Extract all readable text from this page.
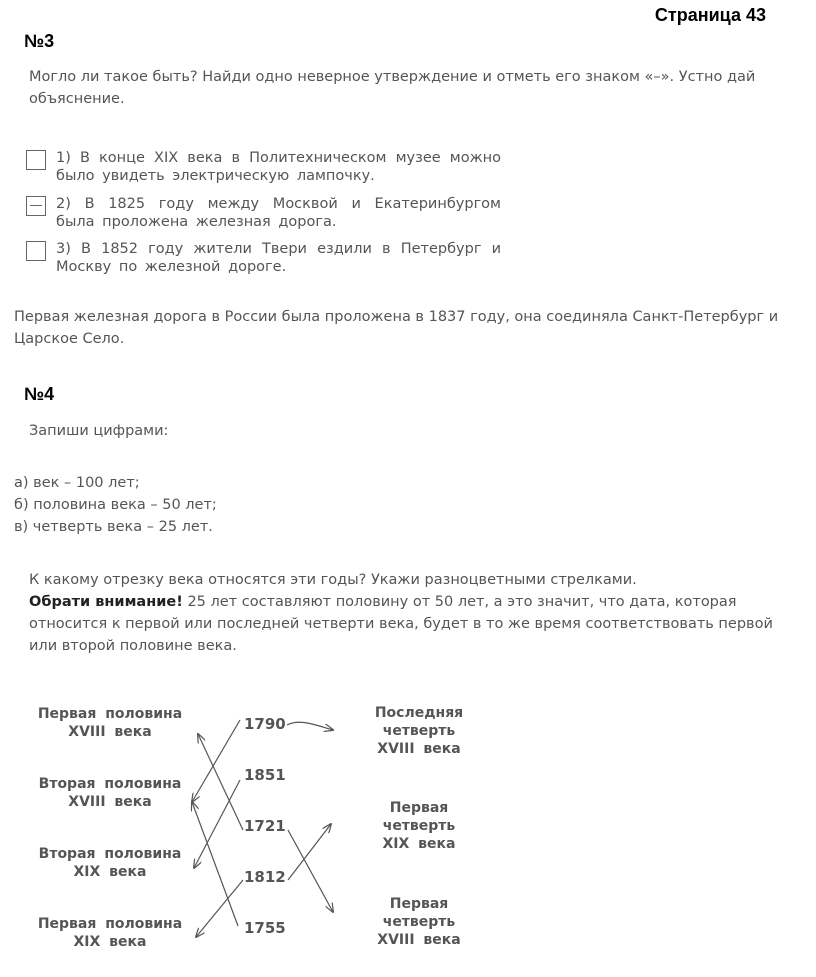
Страница 43
№3
Могло ли такое быть? Найди одно неверное утверждение и отметь его знаком «–». Устно дай объяснение.
1) В конце XIX века в Политехническом музее можно было увидеть электрическую лампочку.
2) В 1825 году между Москвой и Екатеринбургом была проложена железная дорога.
3) В 1852 году жители Твери ездили в Петербург и Москву по железной дороге.
Первая железная дорога в России была проложена в 1837 году, она соединяла Санкт-Петербург и Царское Село.
№4
Запиши цифрами:
а) век – 100 лет;
б) половина века – 50 лет;
в) четверть века – 25 лет.
К какому отрезку века относятся эти годы? Укажи разноцветными стрелками.
Обрати внимание! 25 лет составляют половину от 50 лет, а это значит, что дата, которая относится к первой или последней четверти века, будет в то же время соответствовать первой или второй половине века.
Первая половина
XVIII века
Вторая половина
XVIII века
Вторая половина
XIX века
Первая половина
XIX века
1790
1851
1721
1812
1755
Последняя
четверть
XVIII века
Первая
четверть
XIX века
Первая
четверть
XVIII века
